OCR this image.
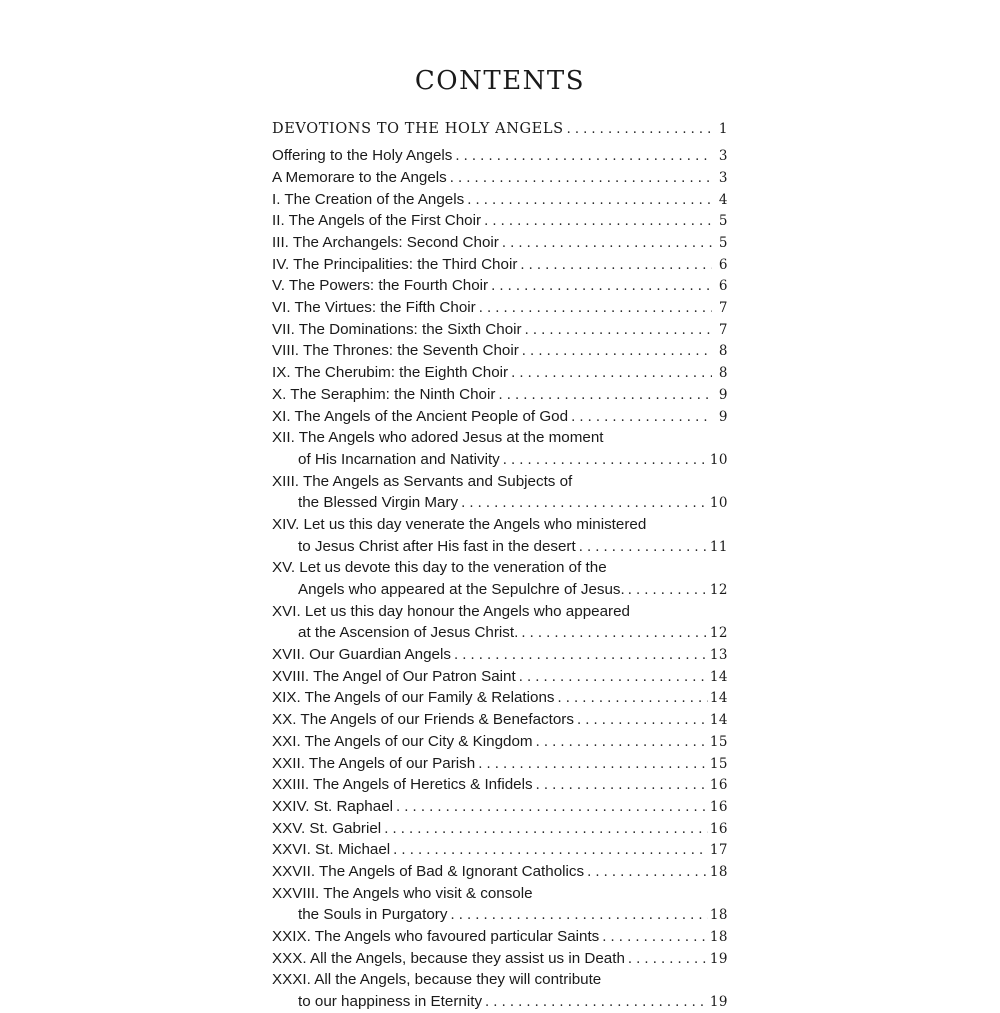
CONTENTS
DEVOTIONS TO THE HOLY ANGELS . . .	1
Offering to the Holy Angels . . .	3
A Memorare to the Angels . . .	3
I. The Creation of the Angels . . .	4
II. The Angels of the First Choir . . .	5
III. The Archangels: Second Choir . . .	5
IV. The Principalities: the Third Choir . . .	6
V. The Powers: the Fourth Choir . . .	6
VI. The Virtues: the Fifth Choir . . .	7
VII. The Dominations: the Sixth Choir . . .	7
VIII. The Thrones: the Seventh Choir . . .	8
IX. The Cherubim: the Eighth Choir . . .	8
X. The Seraphim: the Ninth Choir . . .	9
XI. The Angels of the Ancient People of God . . .	9
XII. The Angels who adored Jesus at the moment
of His Incarnation and Nativity . . .	10
XIII. The Angels as Servants and Subjects of
the Blessed Virgin Mary . . .	10
XIV. Let us this day venerate the Angels who ministered
to Jesus Christ after His fast in the desert . . .	11
XV. Let us devote this day to the veneration of the
Angels who appeared at the Sepulchre of Jesus. . . .	12
XVI. Let us this day honour the Angels who appeared
at the Ascension of Jesus Christ. . . .	12
XVII. Our Guardian Angels . . .	13
XVIII. The Angel of Our Patron Saint . . .	14
XIX. The Angels of our Family & Relations . . .	14
XX. The Angels of our Friends & Benefactors . . .	14
XXI. The Angels of our City & Kingdom . . .	15
XXII. The Angels of our Parish . . .	15
XXIII. The Angels of Heretics & Infidels . . .	16
XXIV. St. Raphael . . .	16
XXV. St. Gabriel . . .	16
XXVI. St. Michael . . .	17
XXVII. The Angels of Bad & Ignorant Catholics . . .	18
XXVIII. The Angels who visit & console
the Souls in Purgatory . . .	18
XXIX. The Angels who favoured particular Saints . . .	18
XXX. All the Angels, because they assist us in Death . . .	19
XXXI. All the Angels, because they will contribute
to our happiness in Eternity . . .	19
